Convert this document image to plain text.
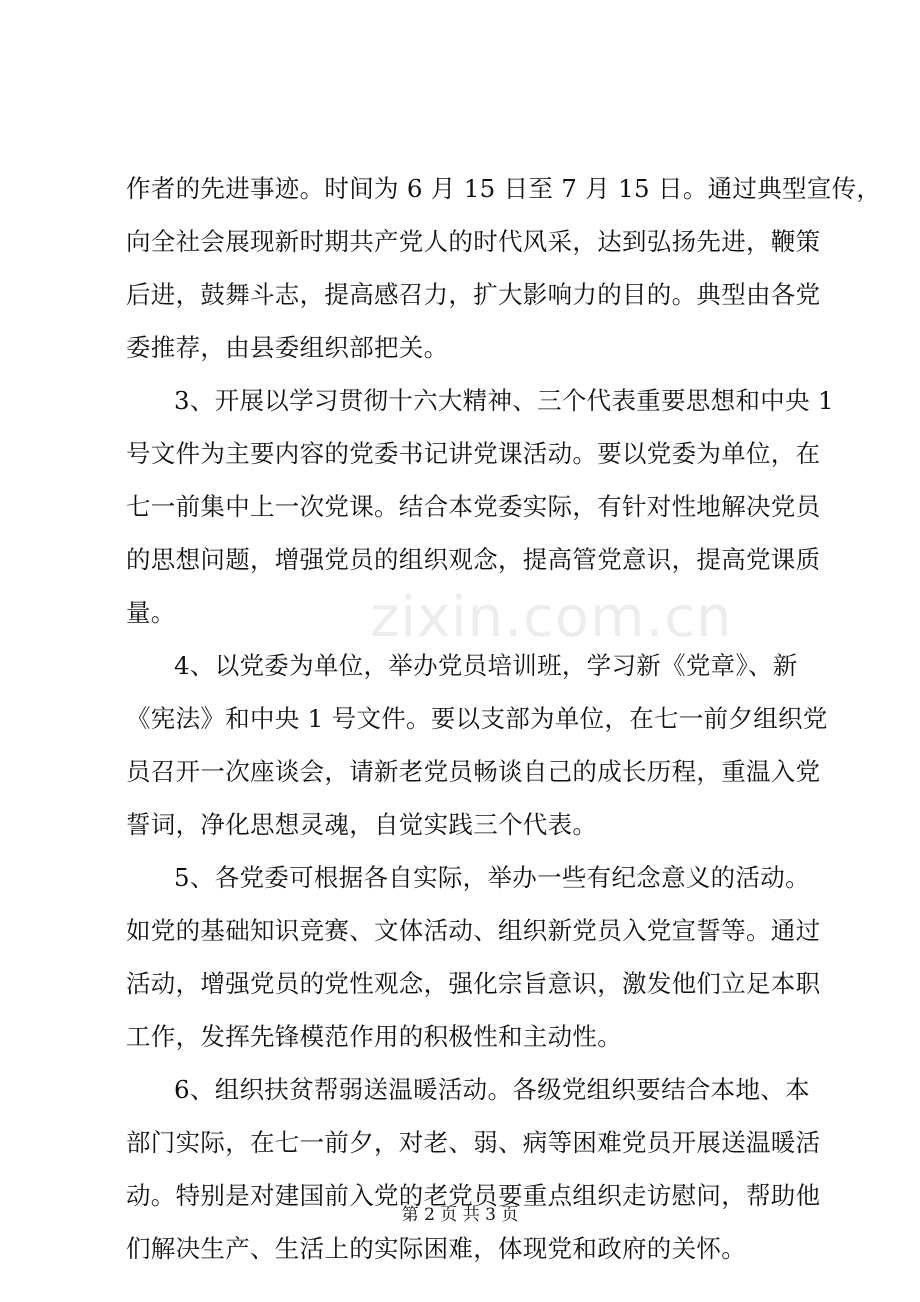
作者的先进事迹。时间为 6 月 15 日至 7 月 15 日。通过典型宣传，
向全社会展现新时期共产党人的时代风采，达到弘扬先进，鞭策
后进，鼓舞斗志，提高感召力，扩大影响力的目的。典型由各党
委推荐，由县委组织部把关。
3、开展以学习贯彻十六大精神、三个代表重要思想和中央 1
号文件为主要内容的党委书记讲党课活动。要以党委为单位，在
七一前集中上一次党课。结合本党委实际，有针对性地解决党员
的思想问题，增强党员的组织观念，提高管党意识，提高党课质
量。
4、以党委为单位，举办党员培训班，学习新《党章》、新
《宪法》和中央 1 号文件。要以支部为单位，在七一前夕组织党
员召开一次座谈会，请新老党员畅谈自己的成长历程，重温入党
誓词，净化思想灵魂，自觉实践三个代表。
5、各党委可根据各自实际，举办一些有纪念意义的活动。
如党的基础知识竞赛、文体活动、组织新党员入党宣誓等。通过
活动，增强党员的党性观念，强化宗旨意识，激发他们立足本职
工作，发挥先锋模范作用的积极性和主动性。
6、组织扶贫帮弱送温暖活动。各级党组织要结合本地、本
部门实际，在七一前夕，对老、弱、病等困难党员开展送温暖活
动。特别是对建国前入党的老党员要重点组织走访慰问，帮助他
们解决生产、生活上的实际困难，体现党和政府的关怀。
zixin.com.cn
第 2 页 共 3 页
